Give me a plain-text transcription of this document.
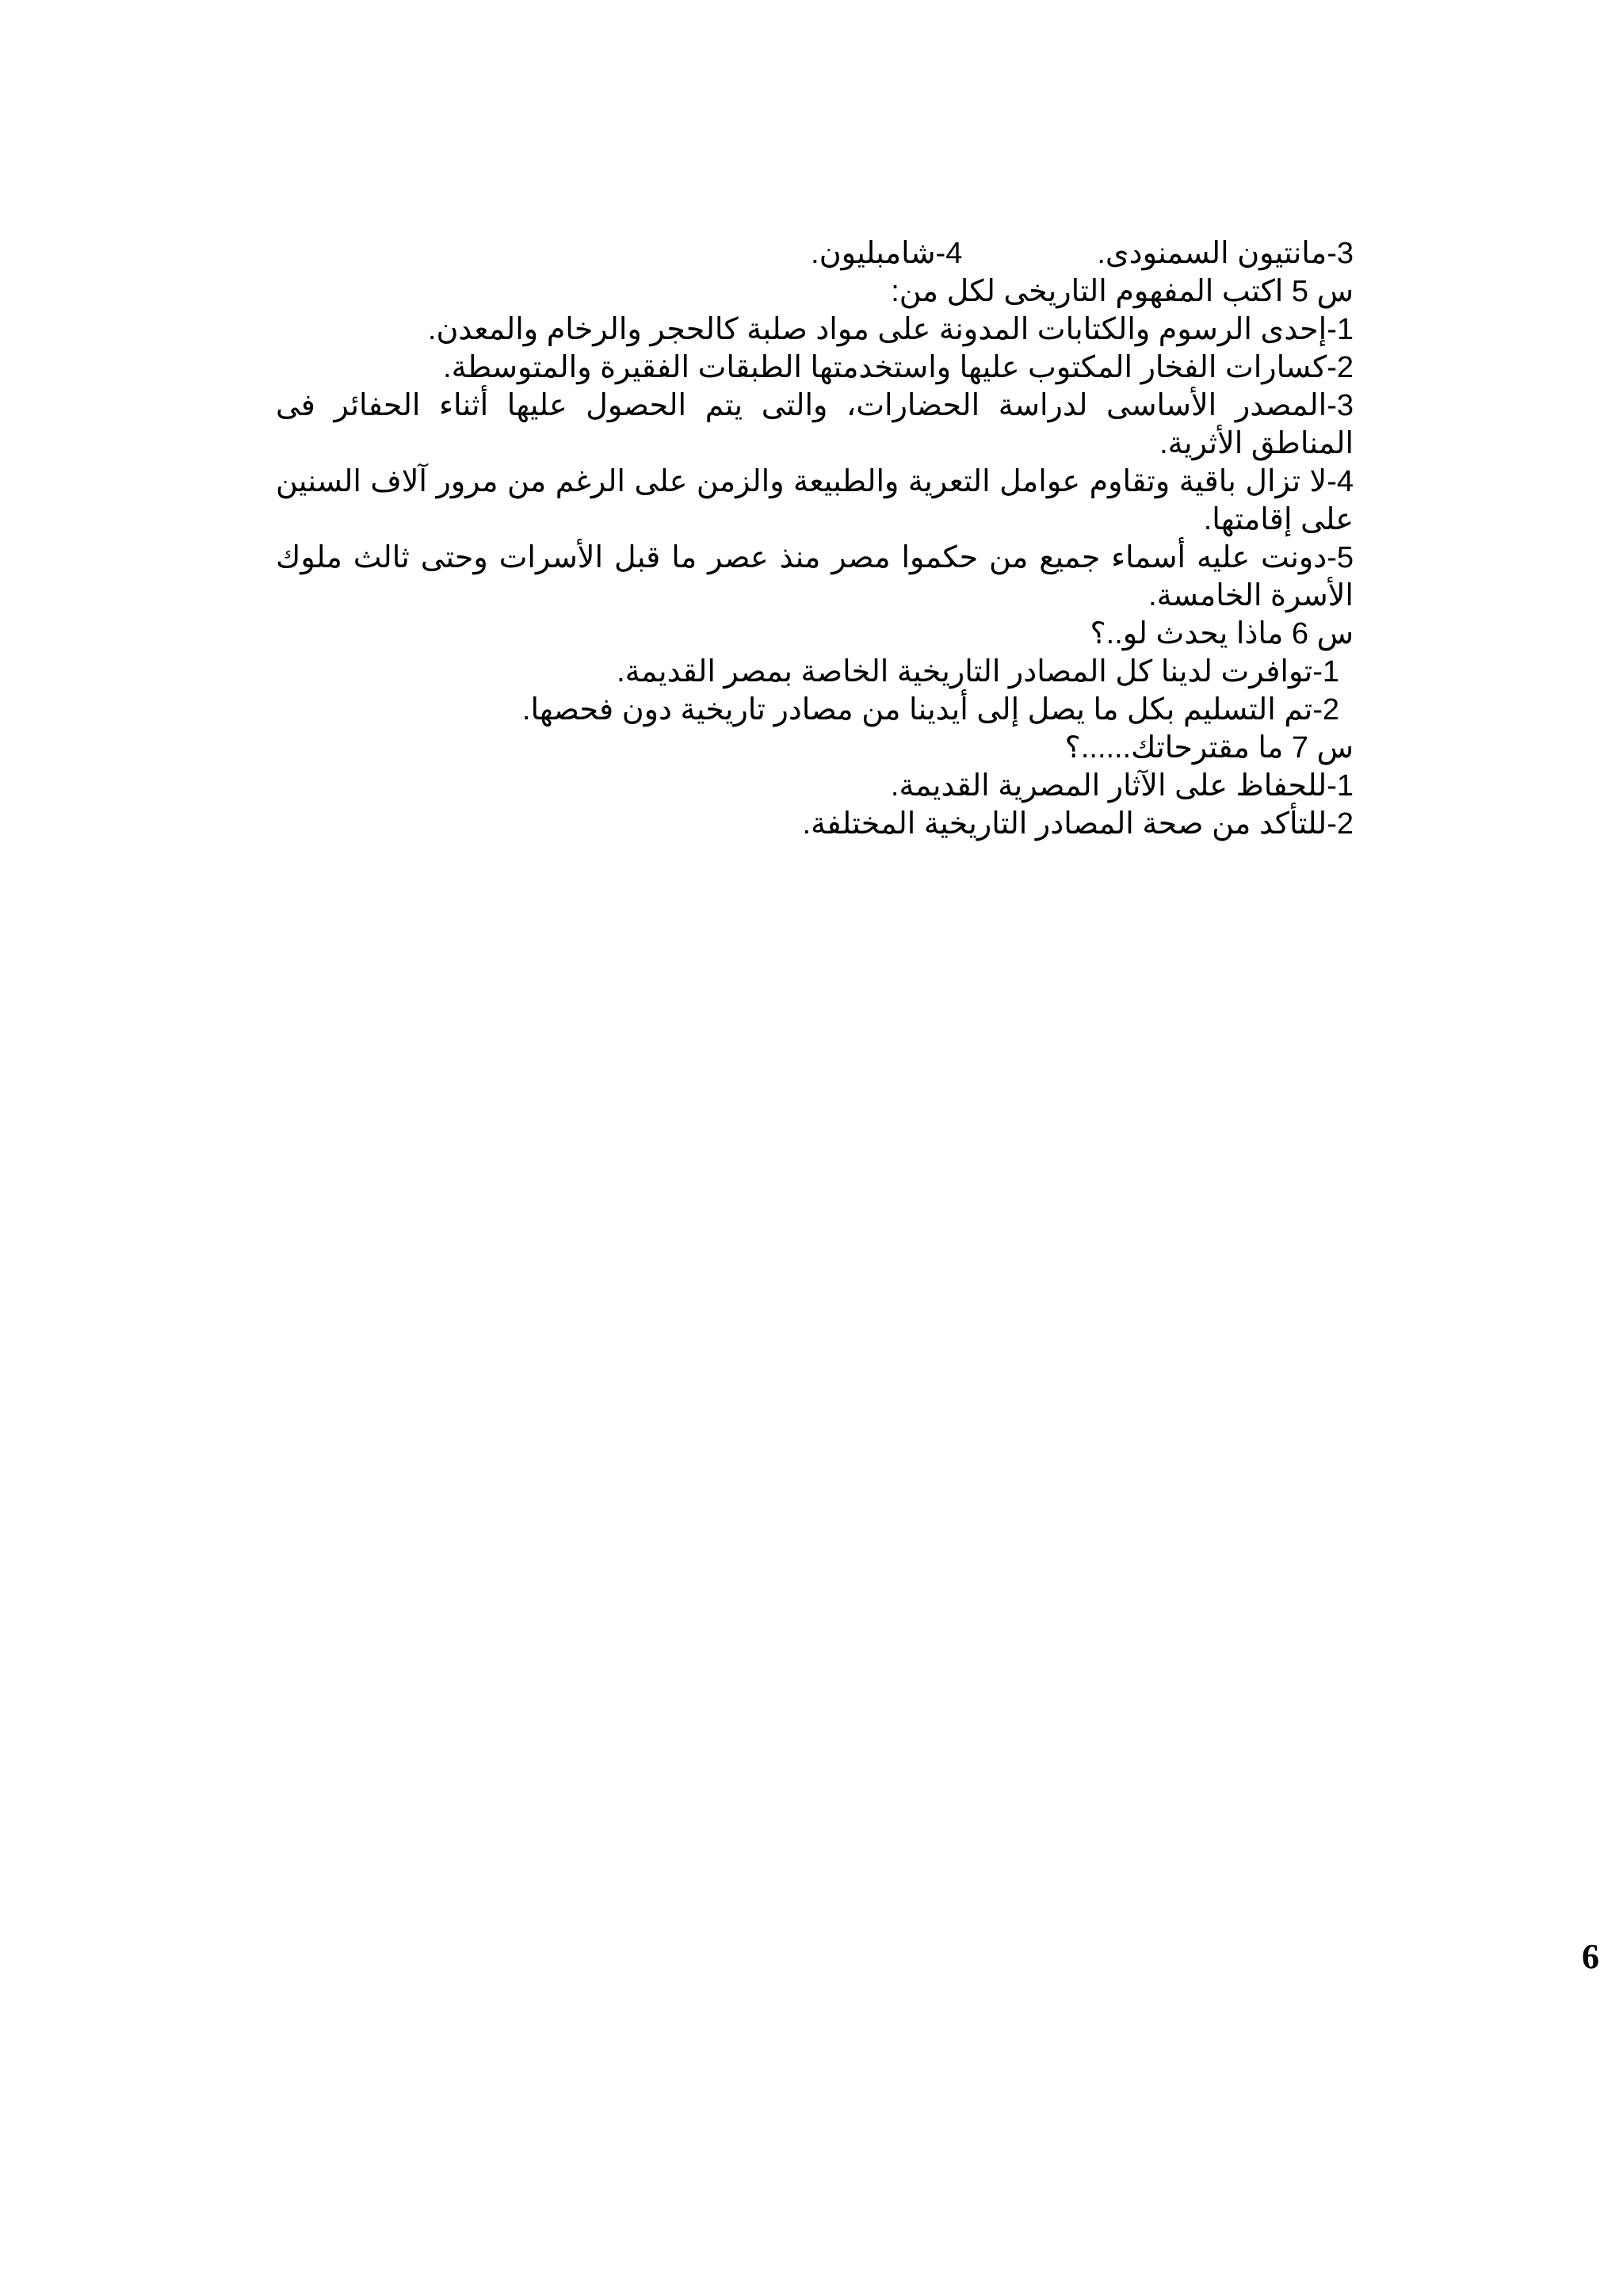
3-مانتيون السمنودى.
4-شامبليون.
س 5 اكتب المفهوم التاريخى لكل من:
1-إحدى الرسوم والكتابات المدونة على مواد صلبة كالحجر والرخام والمعدن.
2-كسارات الفخار المكتوب عليها واستخدمتها الطبقات الفقيرة والمتوسطة.
3-المصدر الأساسى لدراسة الحضارات، والتى يتم الحصول عليها أثناء الحفائر فى المناطق الأثرية.
4-لا تزال باقية وتقاوم عوامل التعرية والطبيعة والزمن على الرغم من مرور آلاف السنين على إقامتها.
5-دونت عليه أسماء جميع من حكموا مصر منذ عصر ما قبل الأسرات وحتى ثالث ملوك الأسرة الخامسة.
س 6 ماذا يحدث لو..؟
1-توافرت لدينا كل المصادر التاريخية الخاصة بمصر القديمة.
2-تم التسليم بكل ما يصل إلى أيدينا من مصادر تاريخية دون فحصها.
س 7 ما مقترحاتك......؟
1-للحفاظ على الآثار المصرية القديمة.
2-للتأكد من صحة المصادر التاريخية المختلفة.
6
